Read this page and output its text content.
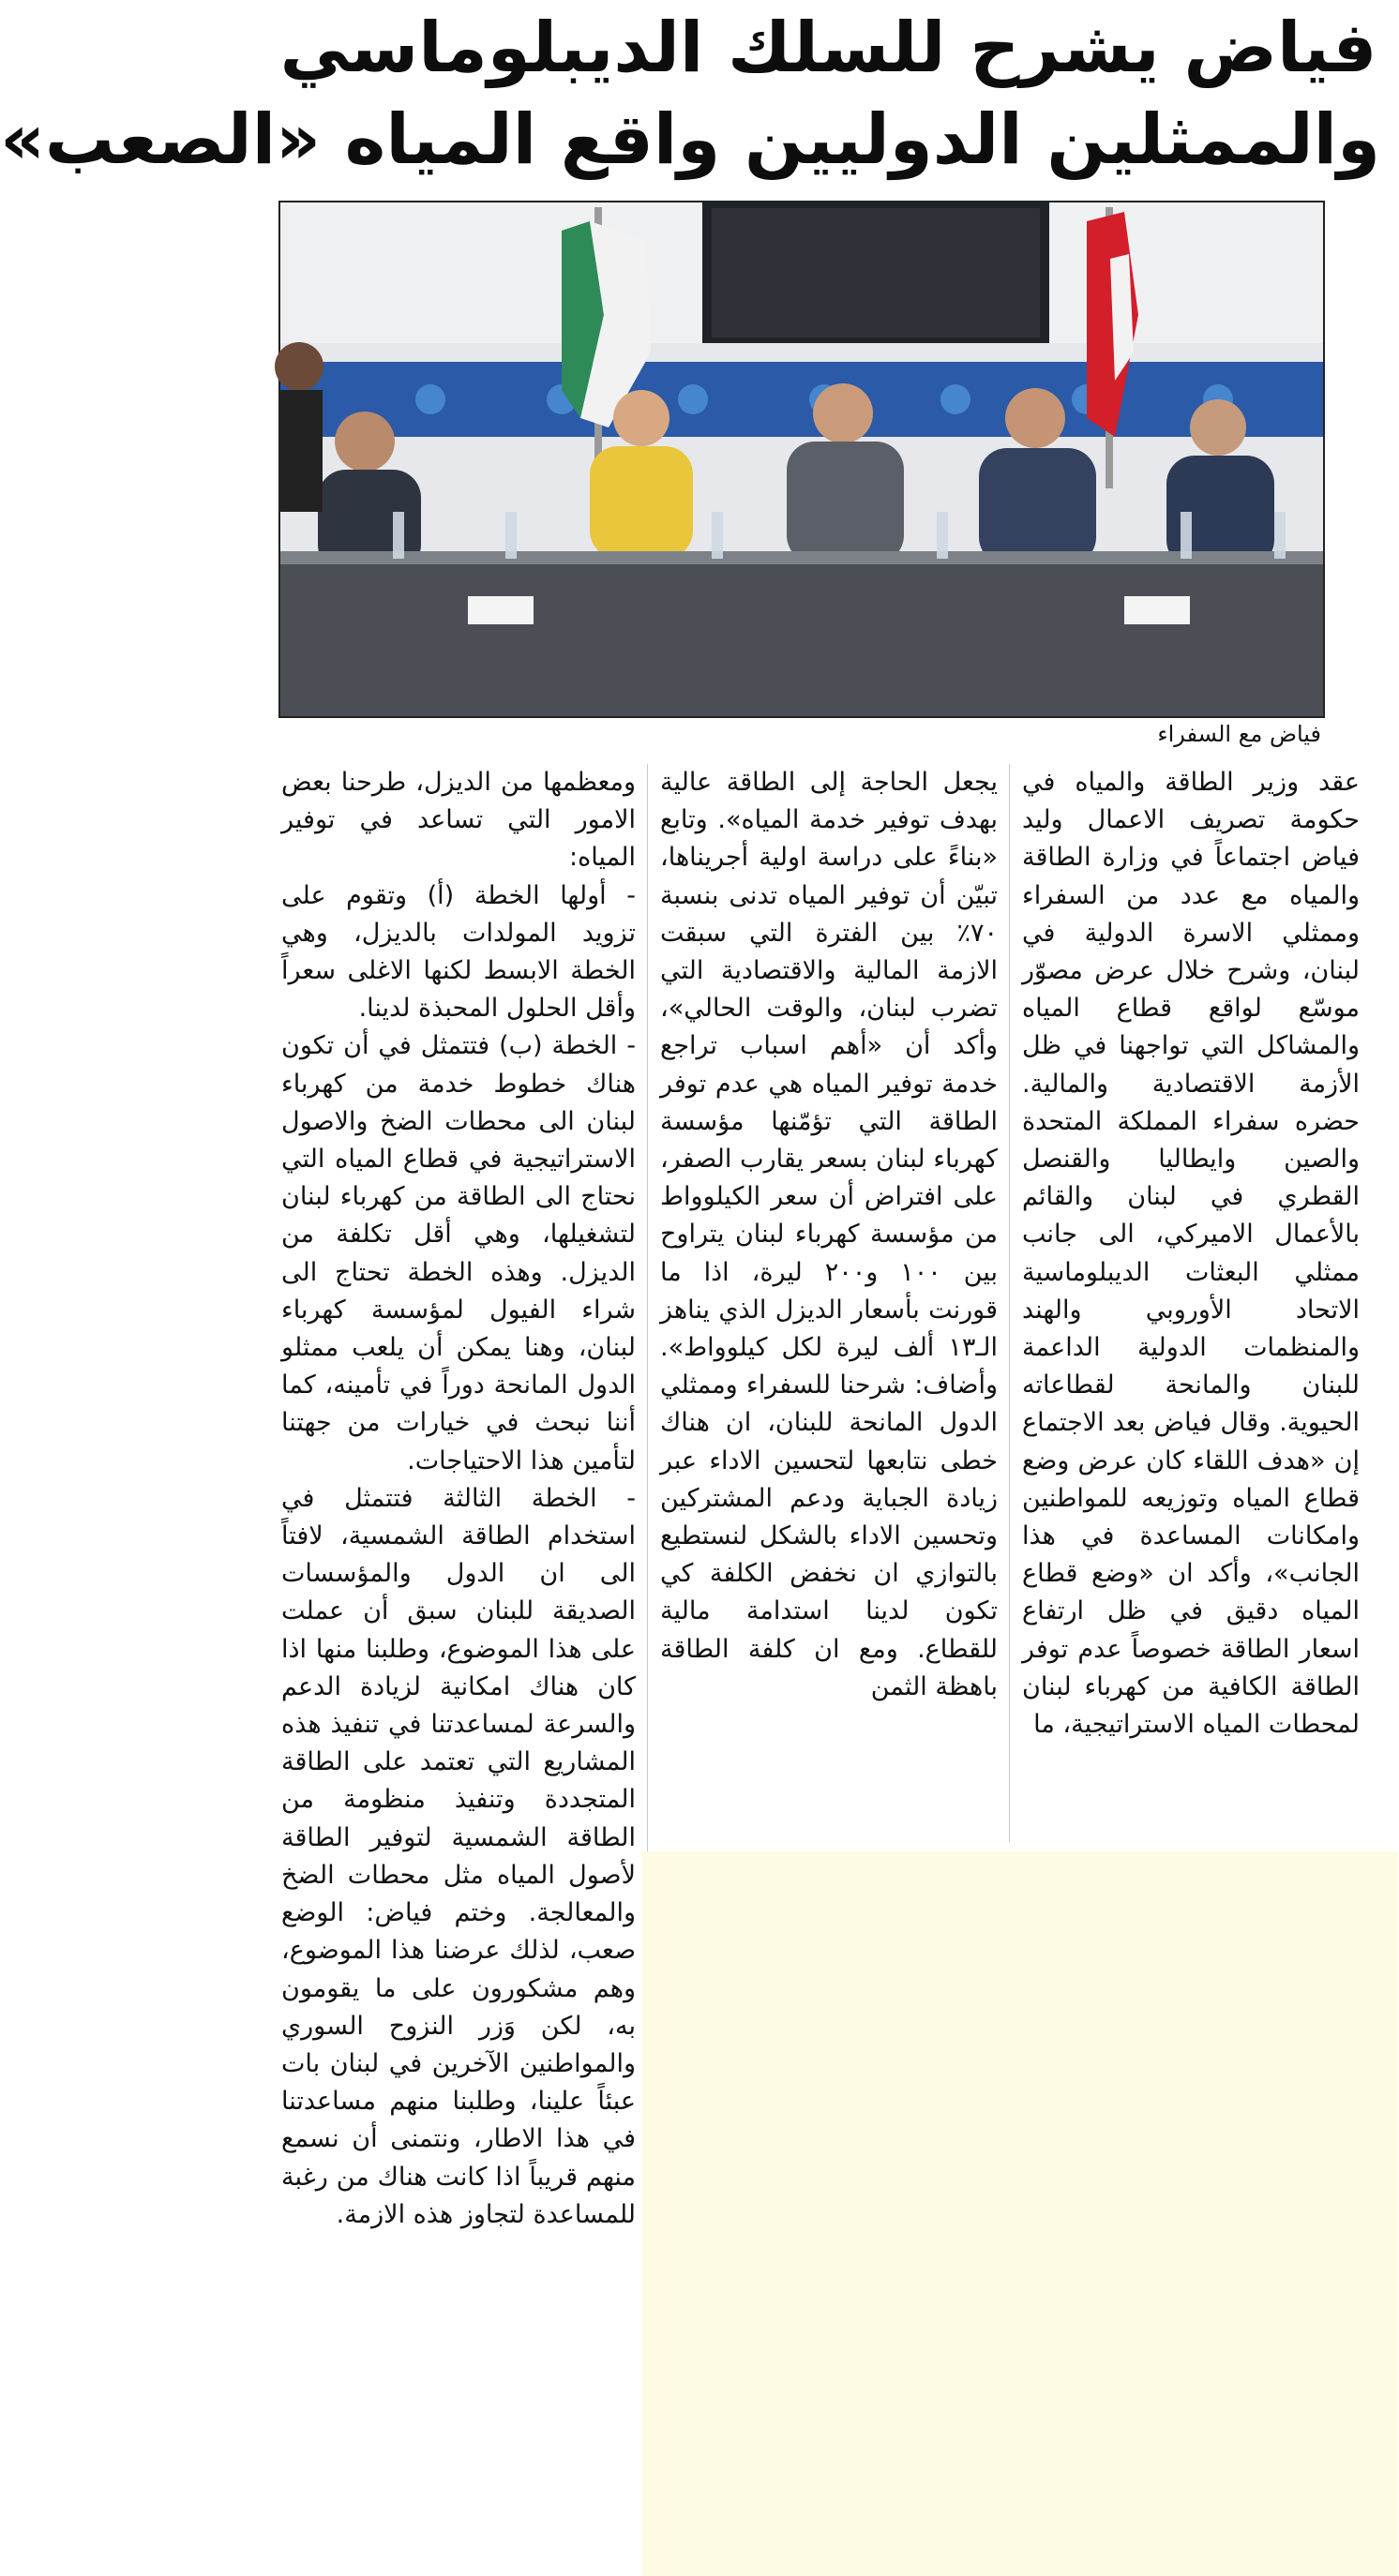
فياض يشرح للسلك الديبلوماسي
والممثلين الدوليين واقع المياه «الصعب»
فياض مع السفراء

عقد وزير الطاقة والمياه في حكومة تصريف الاعمال وليد فياض اجتماعاً في وزارة الطاقة والمياه مع عدد من السفراء وممثلي الاسرة الدولية في لبنان، وشرح خلال عرض مصوّر موسّع لواقع قطاع المياه والمشاكل التي تواجهنا في ظل الأزمة الاقتصادية والمالية. حضره سفراء المملكة المتحدة والصين وايطاليا والقنصل القطري في لبنان والقائم بالأعمال الاميركي، الى جانب ممثلي البعثات الديبلوماسية الاتحاد الأوروبي والهند والمنظمات الدولية الداعمة للبنان والمانحة لقطاعاته الحيوية. وقال فياض بعد الاجتماع إن «هدف اللقاء كان عرض وضع قطاع المياه وتوزيعه للمواطنين وامكانات المساعدة في هذا الجانب»، وأكد ان «وضع قطاع المياه دقيق في ظل ارتفاع اسعار الطاقة خصوصاً عدم توفر الطاقة الكافية من كهرباء لبنان لمحطات المياه الاستراتيجية، ما

يجعل الحاجة إلى الطاقة عالية بهدف توفير خدمة المياه». وتابع «بناءً على دراسة اولية أجريناها، تبيّن أن توفير المياه تدنى بنسبة ٧٠٪ بين الفترة التي سبقت الازمة المالية والاقتصادية التي تضرب لبنان، والوقت الحالي»، وأكد أن «أهم اسباب تراجع خدمة توفير المياه هي عدم توفر الطاقة التي تؤمّنها مؤسسة كهرباء لبنان بسعر يقارب الصفر، على افتراض أن سعر الكيلوواط من مؤسسة كهرباء لبنان يتراوح بين ١٠٠ و٢٠٠ ليرة، اذا ما قورنت بأسعار الديزل الذي يناهز الـ١٣ ألف ليرة لكل كيلوواط». وأضاف: شرحنا للسفراء وممثلي الدول المانحة للبنان، ان هناك خطى نتابعها لتحسين الاداء عبر زيادة الجباية ودعم المشتركين وتحسين الاداء بالشكل لنستطيع بالتوازي ان نخفض الكلفة كي تكون لدينا استدامة مالية للقطاع. ومع ان كلفة الطاقة باهظة الثمن

ومعظمها من الديزل، طرحنا بعض الامور التي تساعد في توفير المياه:

- أولها الخطة (أ) وتقوم على تزويد المولدات بالديزل، وهي الخطة الابسط لكنها الاغلى سعراً وأقل الحلول المحبذة لدينا.

- الخطة (ب) فتتمثل في أن تكون هناك خطوط خدمة من كهرباء لبنان الى محطات الضخ والاصول الاستراتيجية في قطاع المياه التي نحتاج الى الطاقة من كهرباء لبنان لتشغيلها، وهي أقل تكلفة من الديزل. وهذه الخطة تحتاج الى شراء الفيول لمؤسسة كهرباء لبنان، وهنا يمكن أن يلعب ممثلو الدول المانحة دوراً في تأمينه، كما أننا نبحث في خيارات من جهتنا لتأمين هذا الاحتياجات.

- الخطة الثالثة فتتمثل في استخدام الطاقة الشمسية، لافتاً الى ان الدول والمؤسسات الصديقة للبنان سبق أن عملت على هذا الموضوع، وطلبنا منها اذا كان هناك امكانية لزيادة الدعم والسرعة لمساعدتنا في تنفيذ هذه المشاريع التي تعتمد على الطاقة المتجددة وتنفيذ منظومة من الطاقة الشمسية لتوفير الطاقة لأصول المياه مثل محطات الضخ والمعالجة. وختم فياض: الوضع صعب، لذلك عرضنا هذا الموضوع، وهم مشكورون على ما يقومون به، لكن وَزر النزوح السوري والمواطنين الآخرين في لبنان بات عبئاً علينا، وطلبنا منهم مساعدتنا في هذا الاطار، ونتمنى أن نسمع منهم قريباً اذا كانت هناك من رغبة للمساعدة لتجاوز هذه الازمة.
